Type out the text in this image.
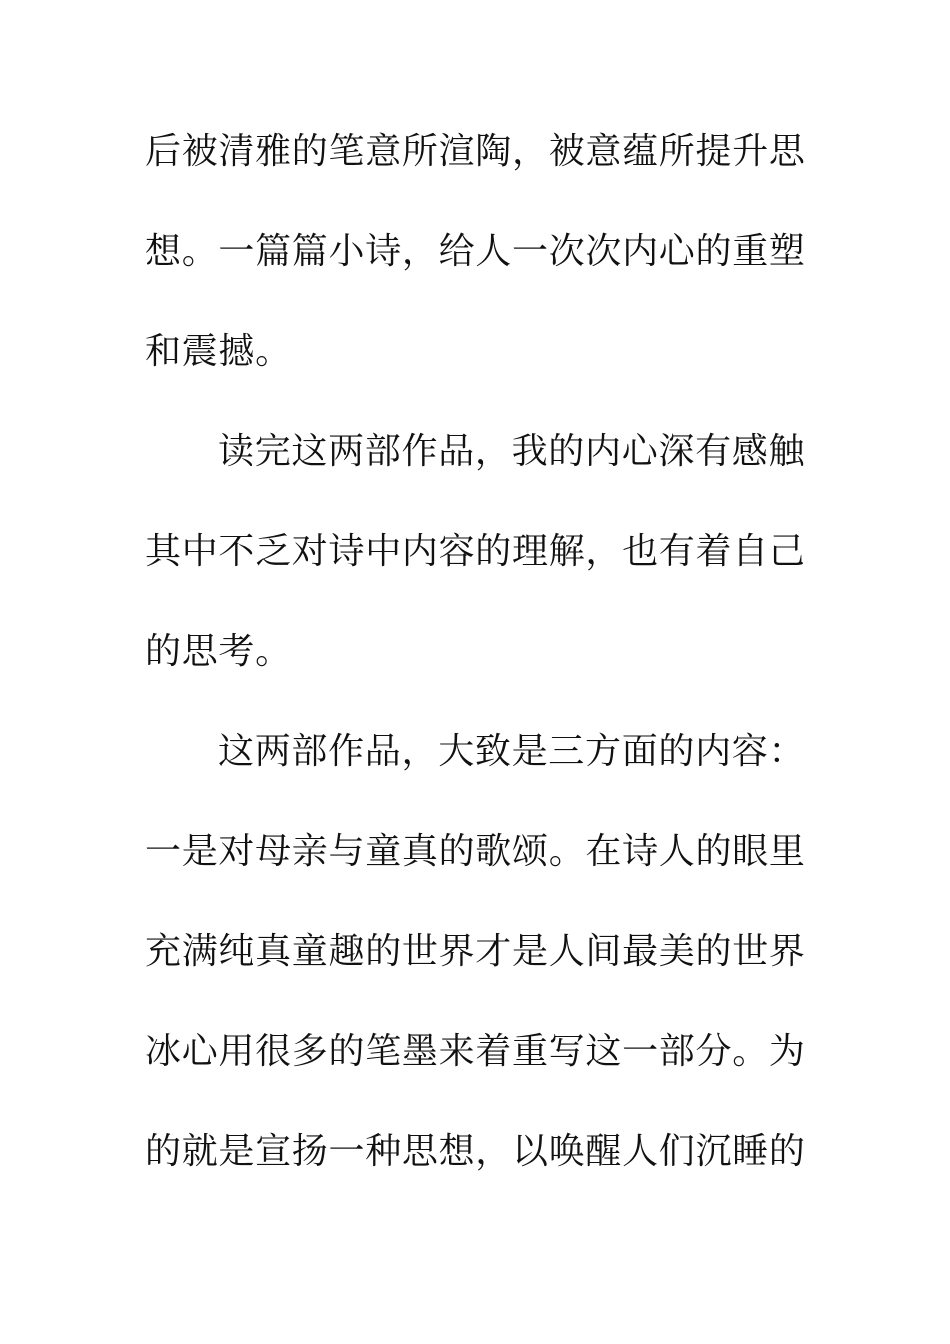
后被清雅的笔意所渲陶，被意蕴所提升思
想。一篇篇小诗，给人一次次内心的重塑
和震撼。
读完这两部作品，我的内心深有感触
其中不乏对诗中内容的理解，也有着自己
的思考。
这两部作品，大致是三方面的内容：
一是对母亲与童真的歌颂。在诗人的眼里
充满纯真童趣的世界才是人间最美的世界
冰心用很多的笔墨来着重写这一部分。为
的就是宣扬一种思想，以唤醒人们沉睡的
